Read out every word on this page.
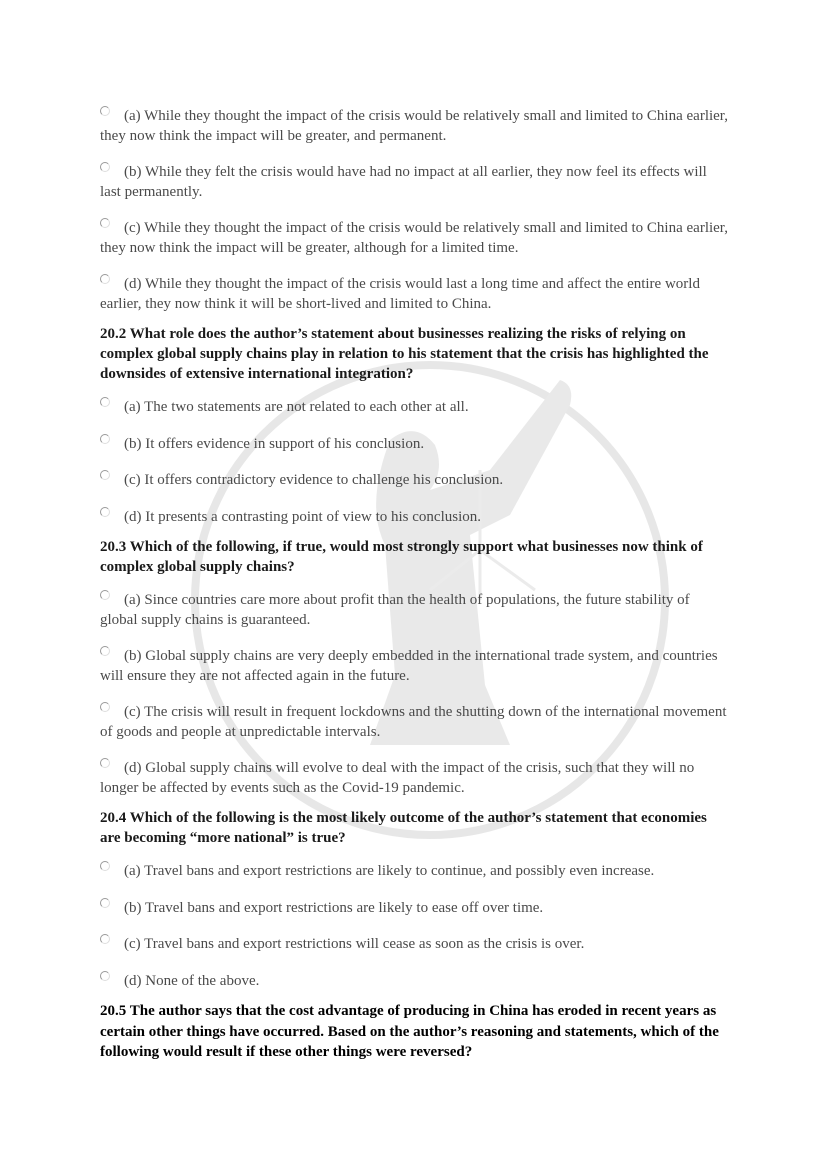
(a) While they thought the impact of the crisis would be relatively small and limited to China earlier, they now think the impact will be greater, and permanent.
(b) While they felt the crisis would have had no impact at all earlier, they now feel its effects will last permanently.
(c) While they thought the impact of the crisis would be relatively small and limited to China earlier, they now think the impact will be greater, although for a limited time.
(d) While they thought the impact of the crisis would last a long time and affect the entire world earlier, they now think it will be short-lived and limited to China.
20.2 What role does the author’s statement about businesses realizing the risks of relying on complex global supply chains play in relation to his statement that the crisis has highlighted the downsides of extensive international integration?
(a) The two statements are not related to each other at all.
(b) It offers evidence in support of his conclusion.
(c) It offers contradictory evidence to challenge his conclusion.
(d) It presents a contrasting point of view to his conclusion.
20.3 Which of the following, if true, would most strongly support what businesses now think of complex global supply chains?
(a) Since countries care more about profit than the health of populations, the future stability of global supply chains is guaranteed.
(b) Global supply chains are very deeply embedded in the international trade system, and countries will ensure they are not affected again in the future.
(c) The crisis will result in frequent lockdowns and the shutting down of the international movement of goods and people at unpredictable intervals.
(d) Global supply chains will evolve to deal with the impact of the crisis, such that they will no longer be affected by events such as the Covid-19 pandemic.
20.4 Which of the following is the most likely outcome of the author’s statement that economies are becoming “more national” is true?
(a) Travel bans and export restrictions are likely to continue, and possibly even increase.
(b) Travel bans and export restrictions are likely to ease off over time.
(c) Travel bans and export restrictions will cease as soon as the crisis is over.
(d) None of the above.
20.5 The author says that the cost advantage of producing in China has eroded in recent years as certain other things have occurred. Based on the author’s reasoning and statements, which of the following would result if these other things were reversed?
